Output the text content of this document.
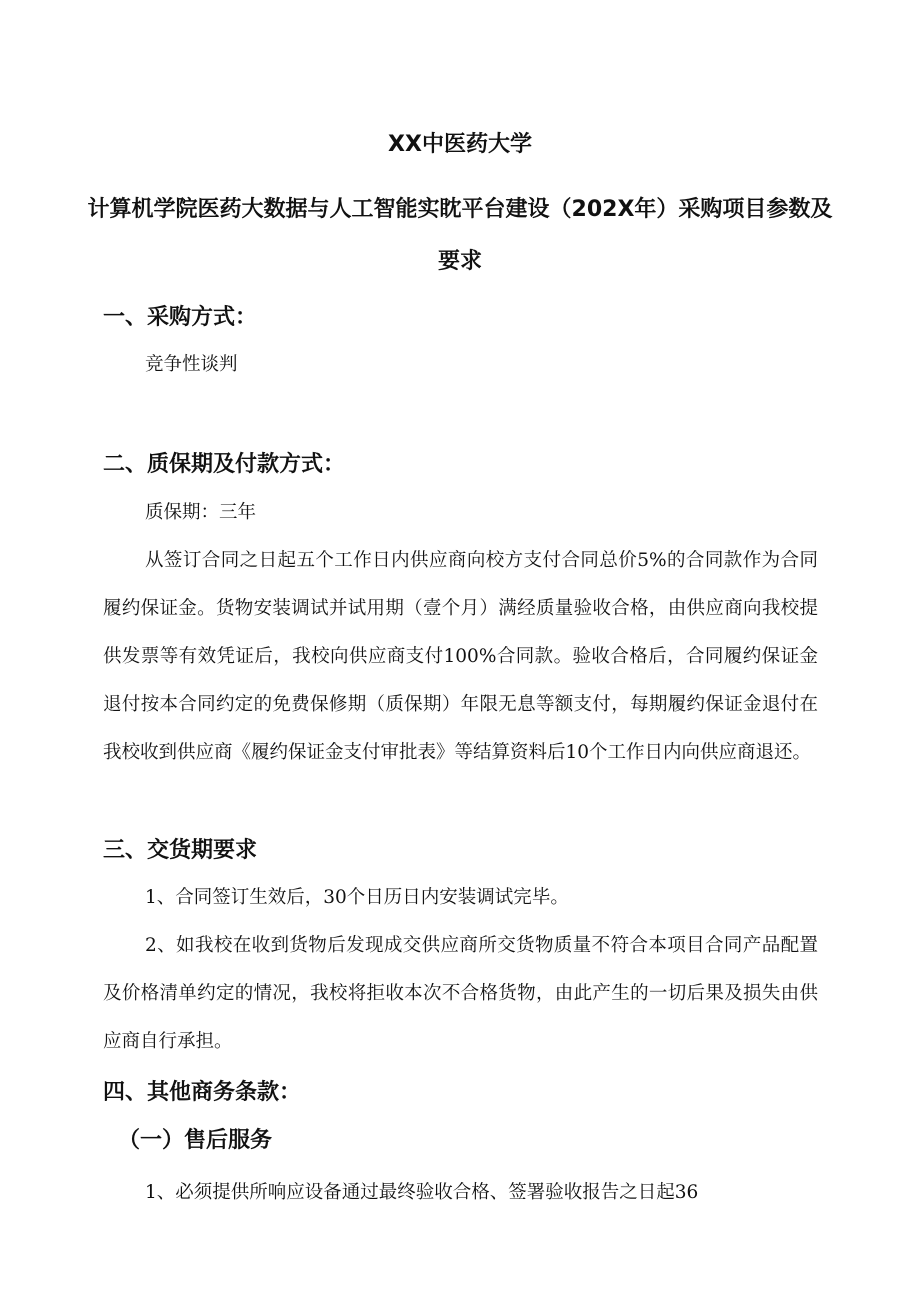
XX中医药大学
计算机学院医药大数据与人工智能实眈平台建设（202X年）采购项目参数及要求
一、采购方式：
竞争性谈判
二、质保期及付款方式：
质保期：三年
从签订合同之日起五个工作日内供应商向校方支付合同总价5%的合同款作为合同履约保证金。货物安装调试并试用期（壹个月）满经质量验收合格，由供应商向我校提供发票等有效凭证后，我校向供应商支付100%合同款。验收合格后，合同履约保证金退付按本合同约定的免费保修期（质保期）年限无息等额支付，每期履约保证金退付在我校收到供应商《履约保证金支付审批表》等结算资料后10个工作日内向供应商退还。
三、交货期要求
1、合同签订生效后，30个日历日内安装调试完毕。
2、如我校在收到货物后发现成交供应商所交货物质量不符合本项目合同产品配置及价格清单约定的情况，我校将拒收本次不合格货物，由此产生的一切后果及损失由供应商自行承担。
四、其他商务条款：
（一）售后服务
1、必须提供所响应设备通过最终验收合格、签署验收报告之日起36
